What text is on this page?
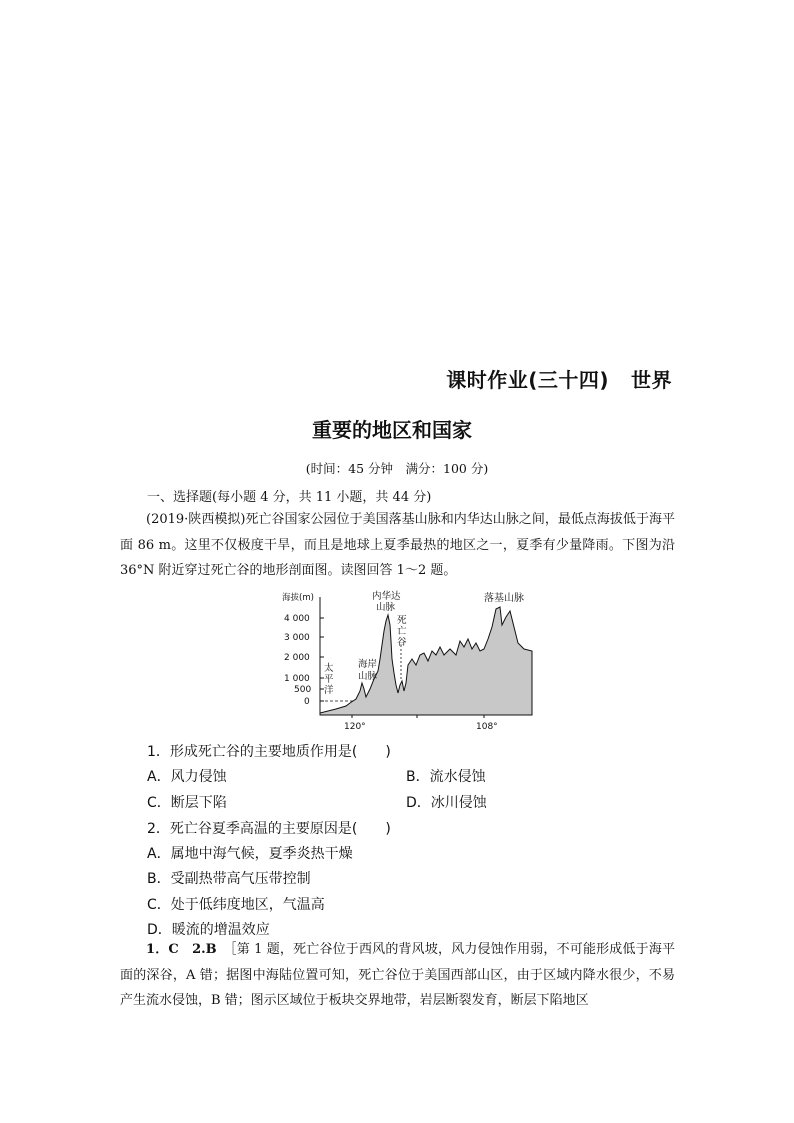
课时作业(三十四) 世界
重要的地区和国家
(时间：45 分钟　满分：100 分)
一、选择题(每小题 4 分，共 11 小题，共 44 分)
(2019·陕西模拟)死亡谷国家公园位于美国落基山脉和内华达山脉之间，最低点海拔低于海平面 86 m。这里不仅极度干旱，而且是地球上夏季最热的地区之一，夏季有少量降雨。下图为沿 36°N 附近穿过死亡谷的地形剖面图。读图回答 1～2 题。
海拔(m)
4 000
3 000
2 000
1 000
500
0
120°	108°
太
平
洋
海岸
山脉
内华达
山脉
死
亡
谷
落基山脉
1．形成死亡谷的主要地质作用是(　　)
A．风力侵蚀	B．流水侵蚀
C．断层下陷	D．冰川侵蚀
2．死亡谷夏季高温的主要原因是(　　)
A．属地中海气候，夏季炎热干燥
B．受副热带高气压带控制
C．处于低纬度地区，气温高
D．暖流的增温效应
1．C　2.B　 ［第 1 题，死亡谷位于西风的背风坡，风力侵蚀作用弱，不可能形成低于海平面的深谷，A 错；据图中海陆位置可知，死亡谷位于美国西部山区，由于区域内降水很少，不易产生流水侵蚀，B 错；图示区域位于板块交界地带，岩层断裂发育，断层下陷地区
